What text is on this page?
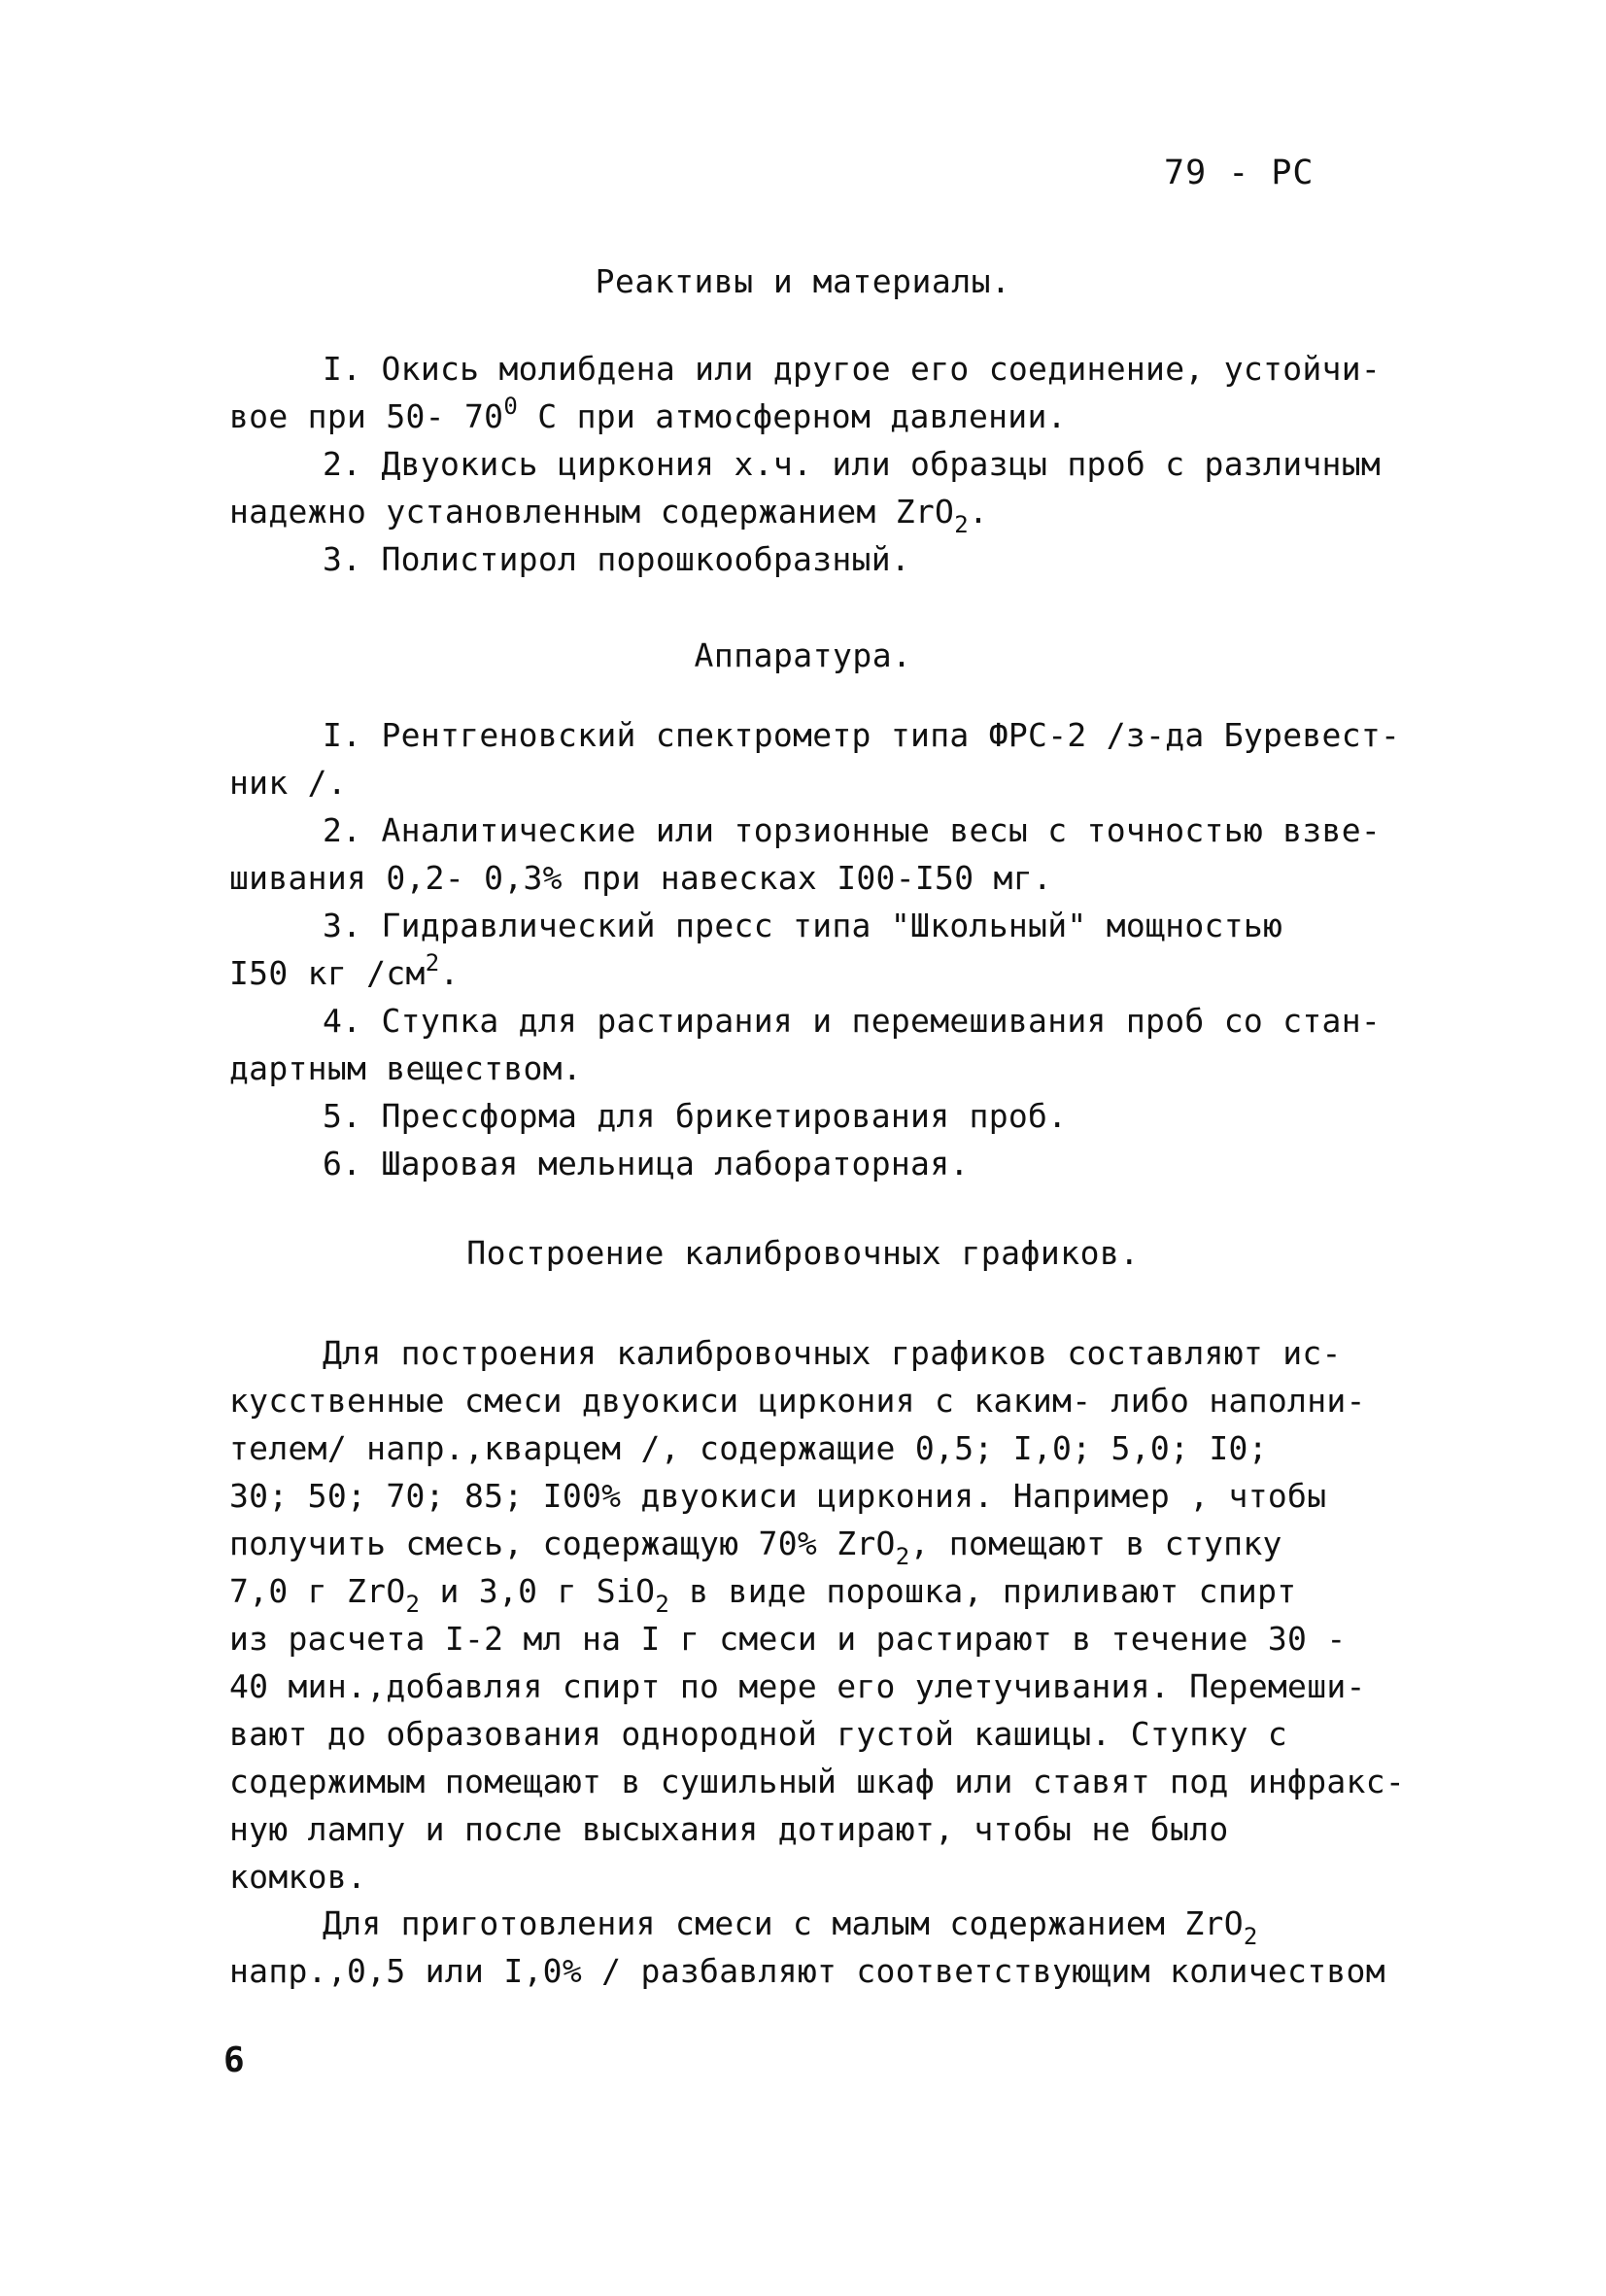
79 - РС
Реактивы и материалы.
I. Окись молибдена или другое его соединение, устойчи-
вое при 50- $70^0$ С при атмосферном давлении.
2. Двуокись циркония х.ч. или образцы проб с различным
надежно установленным содержанием ZrO$_2$.
3. Полистирол порошкообразный.
Аппаратура.
I. Рентгеновский спектрометр типа ФРС-2 /з-да Буревест-
ник /.
2. Аналитические или торзионные весы с точностью взве-
шивания 0,2- 0,3% при навесках I00-I50 мг.
3. Гидравлический пресс типа "Школьный" мощностью
I50 кг $/см^2$.
4. Ступка для растирания и перемешивания проб со стан-
дартным веществом.
5. Прессформа для брикетирования проб.
6. Шаровая мельница лабораторная.
Построение калибровочных графиков.
Для построения калибровочных графиков составляют ис-
кусственные смеси двуокиси циркония с каким- либо наполни-
телем/ напр.,кварцем /, содержащие 0,5; I,0; 5,0; I0;
30; 50; 70; 85; I00% двуокиси циркония. Например , чтобы
получить смесь, содержащую 70% ZrO$_2$, помещают в ступку
7,0 г ZrO$_2$ и 3,0 г SiO$_2$ в виде порошка, приливают спирт
из расчета I-2 мл на I г смеси и растирают в течение 30 -
40 мин.,добавляя спирт по мере его улетучивания. Перемеши-
вают до образования однородной густой кашицы. Ступку с
содержимым помещают в сушильный шкаф или ставят под инфракс-
ную лампу и после высыхания дотирают, чтобы не было
комков.
Для приготовления смеси с малым содержанием ZrO$_2$
напр.,0,5 или I,0% / разбавляют соответствующим количеством
6
